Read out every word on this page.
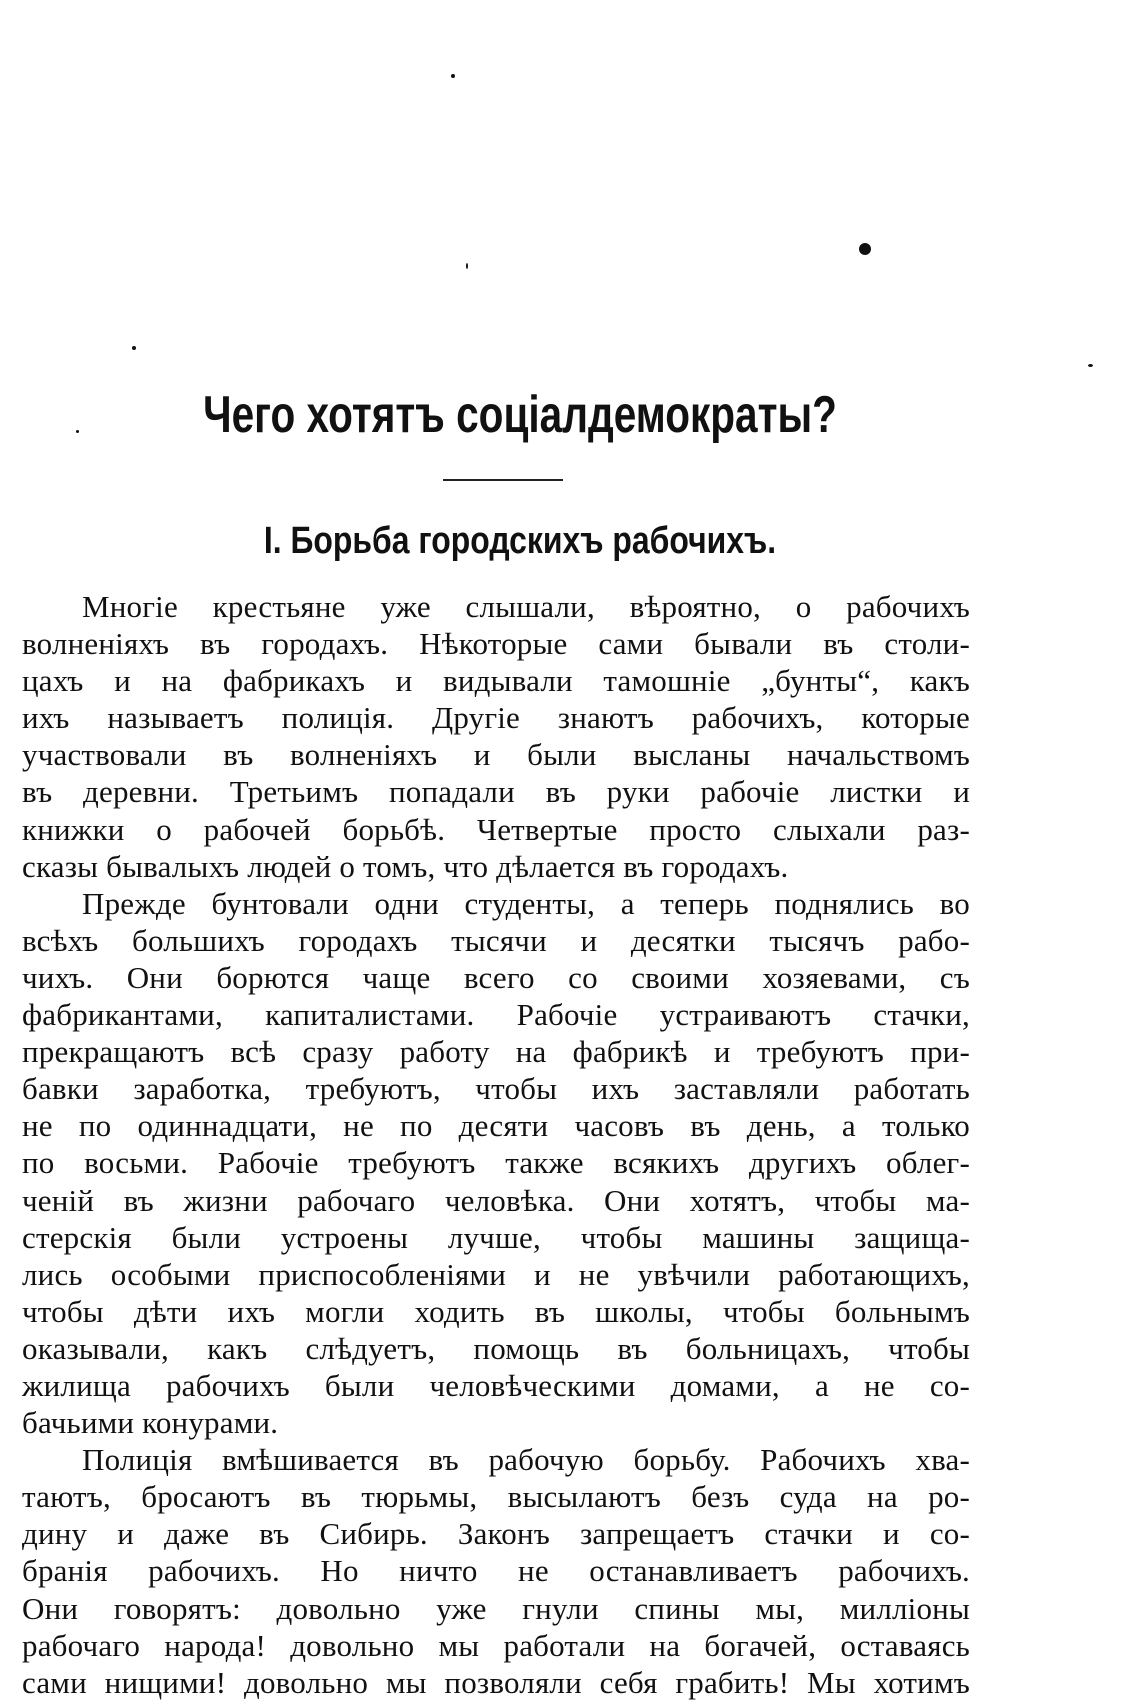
Чего хотятъ соціалдемократы?
I. Борьба городскихъ рабочихъ.
Многіе крестьяне уже слышали, вѣроятно, о рабочихъ
волненіяхъ въ городахъ. Нѣкоторые сами бывали въ столи-
цахъ и на фабрикахъ и видывали тамошніе „бунты“, какъ
ихъ называетъ полиція. Другіе знаютъ рабочихъ, которые
участвовали въ волненіяхъ и были высланы начальствомъ
въ деревни. Третьимъ попадали въ руки рабочіе листки и
книжки о рабочей борьбѣ. Четвертые просто слыхали раз-
сказы бывалыхъ людей о томъ, что дѣлается въ городахъ.
Прежде бунтовали одни студенты, а теперь поднялись во
всѣхъ большихъ городахъ тысячи и десятки тысячъ рабо-
чихъ. Они борются чаще всего со своими хозяевами, съ
фабрикантами, капиталистами. Рабочіе устраиваютъ стачки,
прекращаютъ всѣ сразу работу на фабрикѣ и требуютъ при-
бавки заработка, требуютъ, чтобы ихъ заставляли работать
не по одиннадцати, не по десяти часовъ въ день, а только
по восьми. Рабочіе требуютъ также всякихъ другихъ облег-
ченій въ жизни рабочаго человѣка. Они хотятъ, чтобы ма-
стерскія были устроены лучше, чтобы машины защища-
лись особыми приспособленіями и не увѣчили работающихъ,
чтобы дѣти ихъ могли ходить въ школы, чтобы больнымъ
оказывали, какъ слѣдуетъ, помощь въ больницахъ, чтобы
жилища рабочихъ были человѣческими домами, а не со-
бачьими конурами.
Полиція вмѣшивается въ рабочую борьбу. Рабочихъ хва-
таютъ, бросаютъ въ тюрьмы, высылаютъ безъ суда на ро-
дину и даже въ Сибирь. Законъ запрещаетъ стачки и со-
бранія рабочихъ. Но ничто не останавливаетъ рабочихъ.
Они говорятъ: довольно уже гнули спины мы, милліоны
рабочаго народа! довольно мы работали на богачей, оставаясь
сами нищими! довольно мы позволяли себя грабить! Мы хотимъ
